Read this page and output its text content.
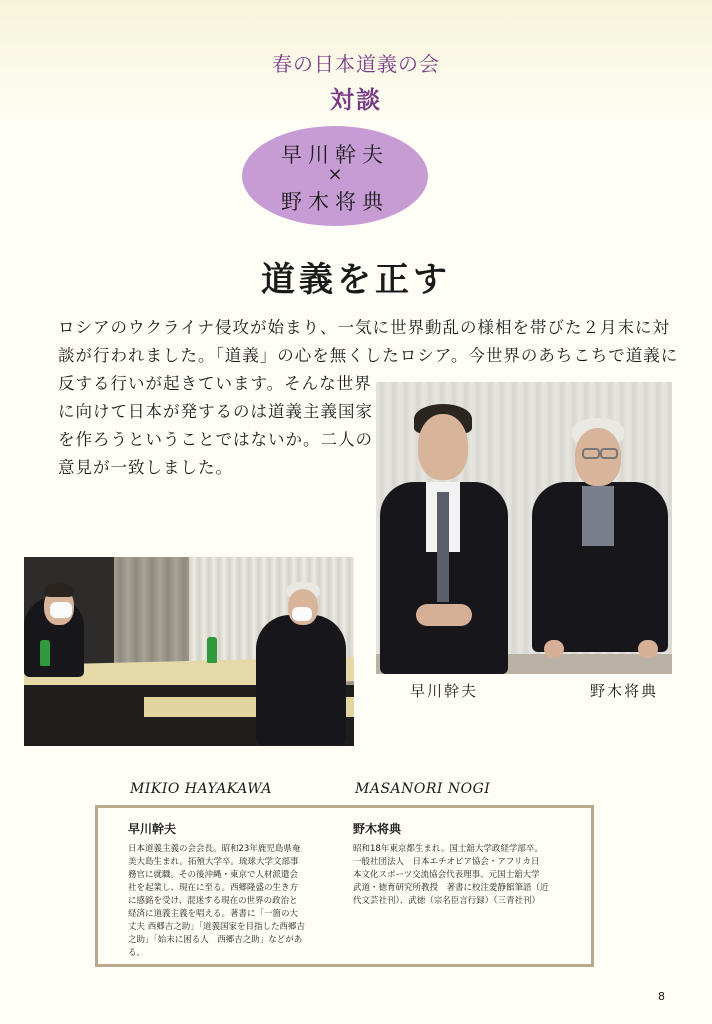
春の日本道義の会
対談
早川幹夫
×
野木将典
道義を正す
ロシアのウクライナ侵攻が始まり、一気に世界動乱の様相を帯びた２月末に対
談が行われました。「道義」の心を無くしたロシア。今世界のあちこちで道義に
反する行いが起きています。そんな世界
に向けて日本が発するのは道義主義国家
を作ろうということではないか。二人の
意見が一致しました。
早川幹夫	野木将典
MIKIO HAYAKAWA	MASANORI NOGI
早川幹夫
日本道義主義の会会長。昭和23年鹿児島県奄
美大島生まれ。拓殖大学卒。琉球大学文部事
務官に就職。その後沖縄・東京で人材派遣会
社を起業し、現在に至る。西郷隆盛の生き方
に感銘を受け、混迷する現在の世界の政治と
経済に道義主義を唱える。著書に「一箇の大
丈夫 西郷吉之助」「道義国家を目指した西郷吉
之助」「始末に困る人　西郷吉之助」などがあ
る。
野木将典
昭和18年東京都生まれ。国士舘大学政経学部卒。
一般社団法人　日本エチオピア協会・アフリカ日
本文化スポーツ交流協会代表理事、元国士舘大学
武道・徳育研究所教授　著書に校注愛静館筆語（近
代文芸社刊）、武徳（宗名臣言行録）（三青社刊）
8
